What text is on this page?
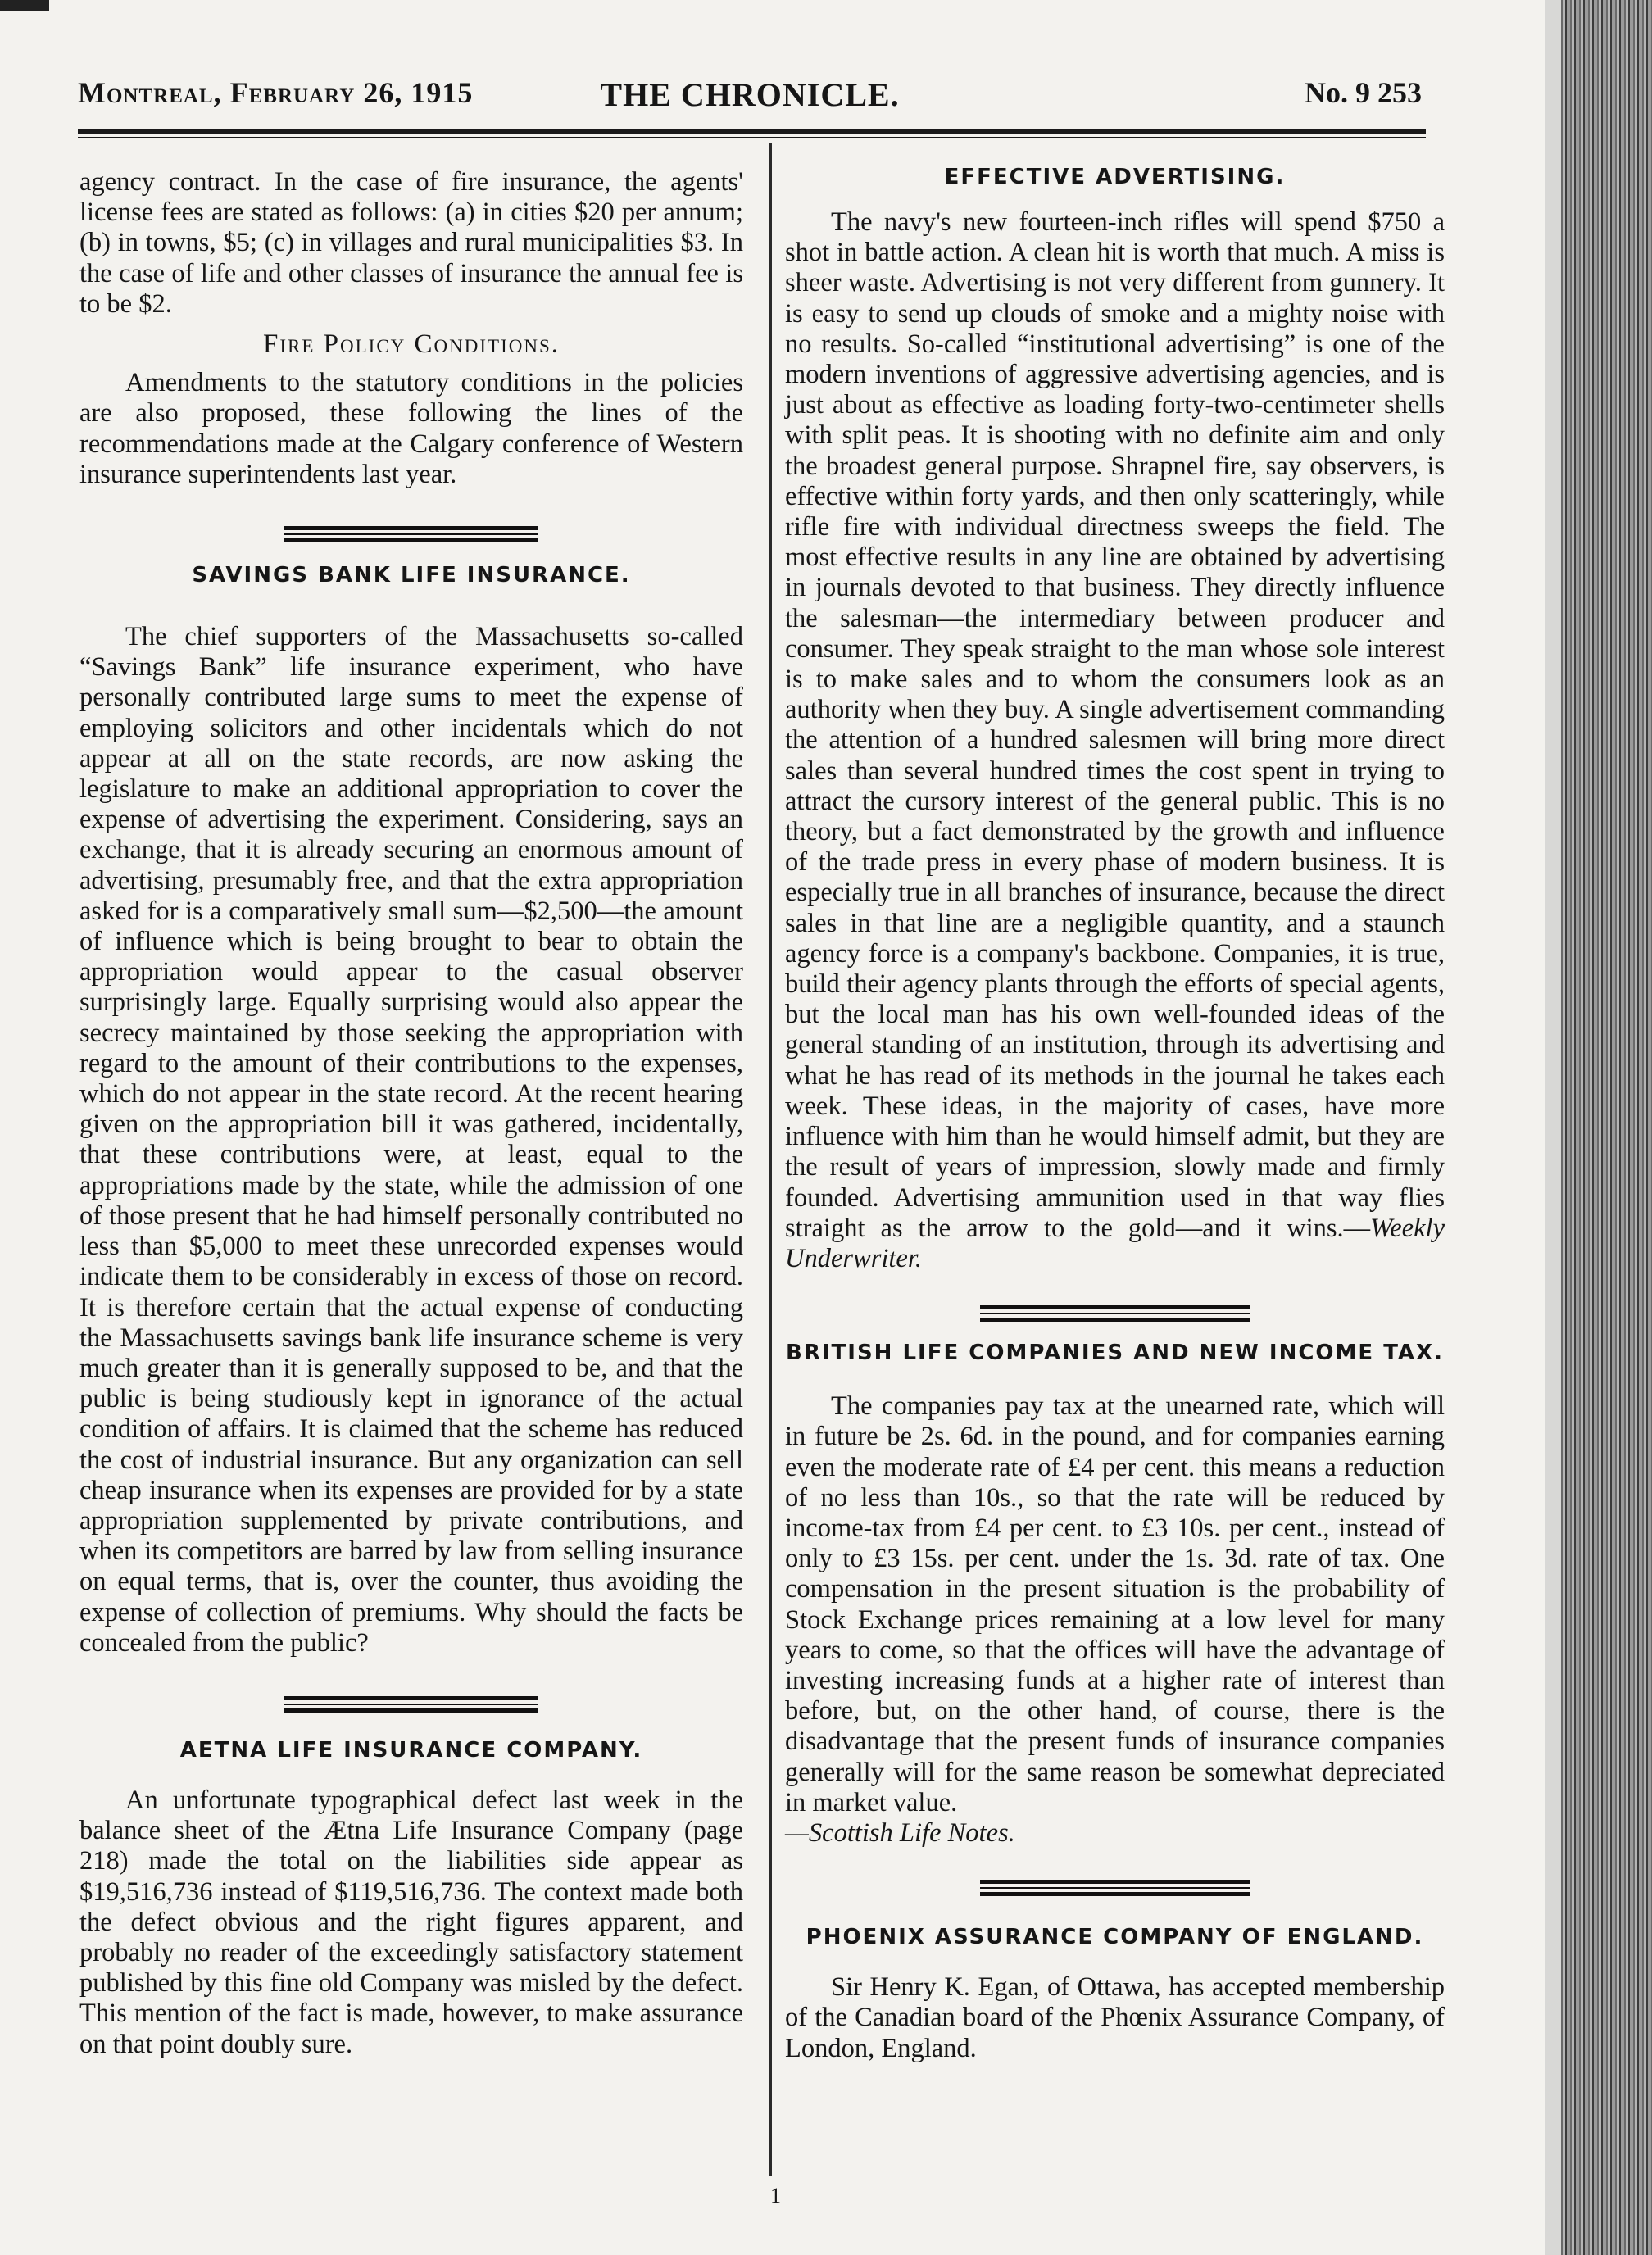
Montreal, February 26, 1915	THE CHRONICLE.	No. 9 253

agency contract. In the case of fire insurance, the agents' license fees are stated as follows: (a) in cities $20 per annum; (b) in towns, $5; (c) in villages and rural municipalities $3. In the case of life and other classes of insurance the annual fee is to be $2.

Fire Policy Conditions.

Amendments to the statutory conditions in the policies are also proposed, these following the lines of the recommendations made at the Calgary conference of Western insurance superintendents last year.

SAVINGS BANK LIFE INSURANCE.

The chief supporters of the Massachusetts so-called “Savings Bank” life insurance experiment, who have personally contributed large sums to meet the expense of employing solicitors and other incidentals which do not appear at all on the state records, are now asking the legislature to make an additional appropriation to cover the expense of advertising the experiment. Considering, says an exchange, that it is already securing an enormous amount of advertising, presumably free, and that the extra appropriation asked for is a comparatively small sum—$2,500—the amount of influence which is being brought to bear to obtain the appropriation would appear to the casual observer surprisingly large. Equally surprising would also appear the secrecy maintained by those seeking the appropriation with regard to the amount of their contributions to the expenses, which do not appear in the state record. At the recent hearing given on the appropriation bill it was gathered, incidentally, that these contributions were, at least, equal to the appropriations made by the state, while the admission of one of those present that he had himself personally contributed no less than $5,000 to meet these unrecorded expenses would indicate them to be considerably in excess of those on record. It is therefore certain that the actual expense of conducting the Massachusetts savings bank life insurance scheme is very much greater than it is generally supposed to be, and that the public is being studiously kept in ignorance of the actual condition of affairs. It is claimed that the scheme has reduced the cost of industrial insurance. But any organization can sell cheap insurance when its expenses are provided for by a state appropriation supplemented by private contributions, and when its competitors are barred by law from selling insurance on equal terms, that is, over the counter, thus avoiding the expense of collection of premiums. Why should the facts be concealed from the public?

AETNA LIFE INSURANCE COMPANY.

An unfortunate typographical defect last week in the balance sheet of the Ætna Life Insurance Company (page 218) made the total on the liabilities side appear as $19,516,736 instead of $119,516,736. The context made both the defect obvious and the right figures apparent, and probably no reader of the exceedingly satisfactory statement published by this fine old Company was misled by the defect. This mention of the fact is made, however, to make assurance on that point doubly sure.

EFFECTIVE ADVERTISING.

The navy's new fourteen-inch rifles will spend $750 a shot in battle action. A clean hit is worth that much. A miss is sheer waste. Advertising is not very different from gunnery. It is easy to send up clouds of smoke and a mighty noise with no results. So-called “institutional advertising” is one of the modern inventions of aggressive advertising agencies, and is just about as effective as loading forty-two-centimeter shells with split peas. It is shooting with no definite aim and only the broadest general purpose. Shrapnel fire, say observers, is effective within forty yards, and then only scatteringly, while rifle fire with individual directness sweeps the field. The most effective results in any line are obtained by advertising in journals devoted to that business. They directly influence the salesman—the intermediary between producer and consumer. They speak straight to the man whose sole interest is to make sales and to whom the consumers look as an authority when they buy. A single advertisement commanding the attention of a hundred salesmen will bring more direct sales than several hundred times the cost spent in trying to attract the cursory interest of the general public. This is no theory, but a fact demonstrated by the growth and influence of the trade press in every phase of modern business. It is especially true in all branches of insurance, because the direct sales in that line are a negligible quantity, and a staunch agency force is a company's backbone. Companies, it is true, build their agency plants through the efforts of special agents, but the local man has his own well-founded ideas of the general standing of an institution, through its advertising and what he has read of its methods in the journal he takes each week. These ideas, in the majority of cases, have more influence with him than he would himself admit, but they are the result of years of impression, slowly made and firmly founded. Advertising ammunition used in that way flies straight as the arrow to the gold—and it wins.—Weekly Underwriter.

BRITISH LIFE COMPANIES AND NEW INCOME TAX.

The companies pay tax at the unearned rate, which will in future be 2s. 6d. in the pound, and for companies earning even the moderate rate of £4 per cent. this means a reduction of no less than 10s., so that the rate will be reduced by income-tax from £4 per cent. to £3 10s. per cent., instead of only to £3 15s. per cent. under the 1s. 3d. rate of tax. One compensation in the present situation is the probability of Stock Exchange prices remaining at a low level for many years to come, so that the offices will have the advantage of investing increasing funds at a higher rate of interest than before, but, on the other hand, of course, there is the disadvantage that the present funds of insurance companies generally will for the same reason be somewhat depreciated in market value.

—Scottish Life Notes.

PHOENIX ASSURANCE COMPANY OF ENGLAND.

Sir Henry K. Egan, of Ottawa, has accepted membership of the Canadian board of the Phœnix Assurance Company, of London, England.

1
